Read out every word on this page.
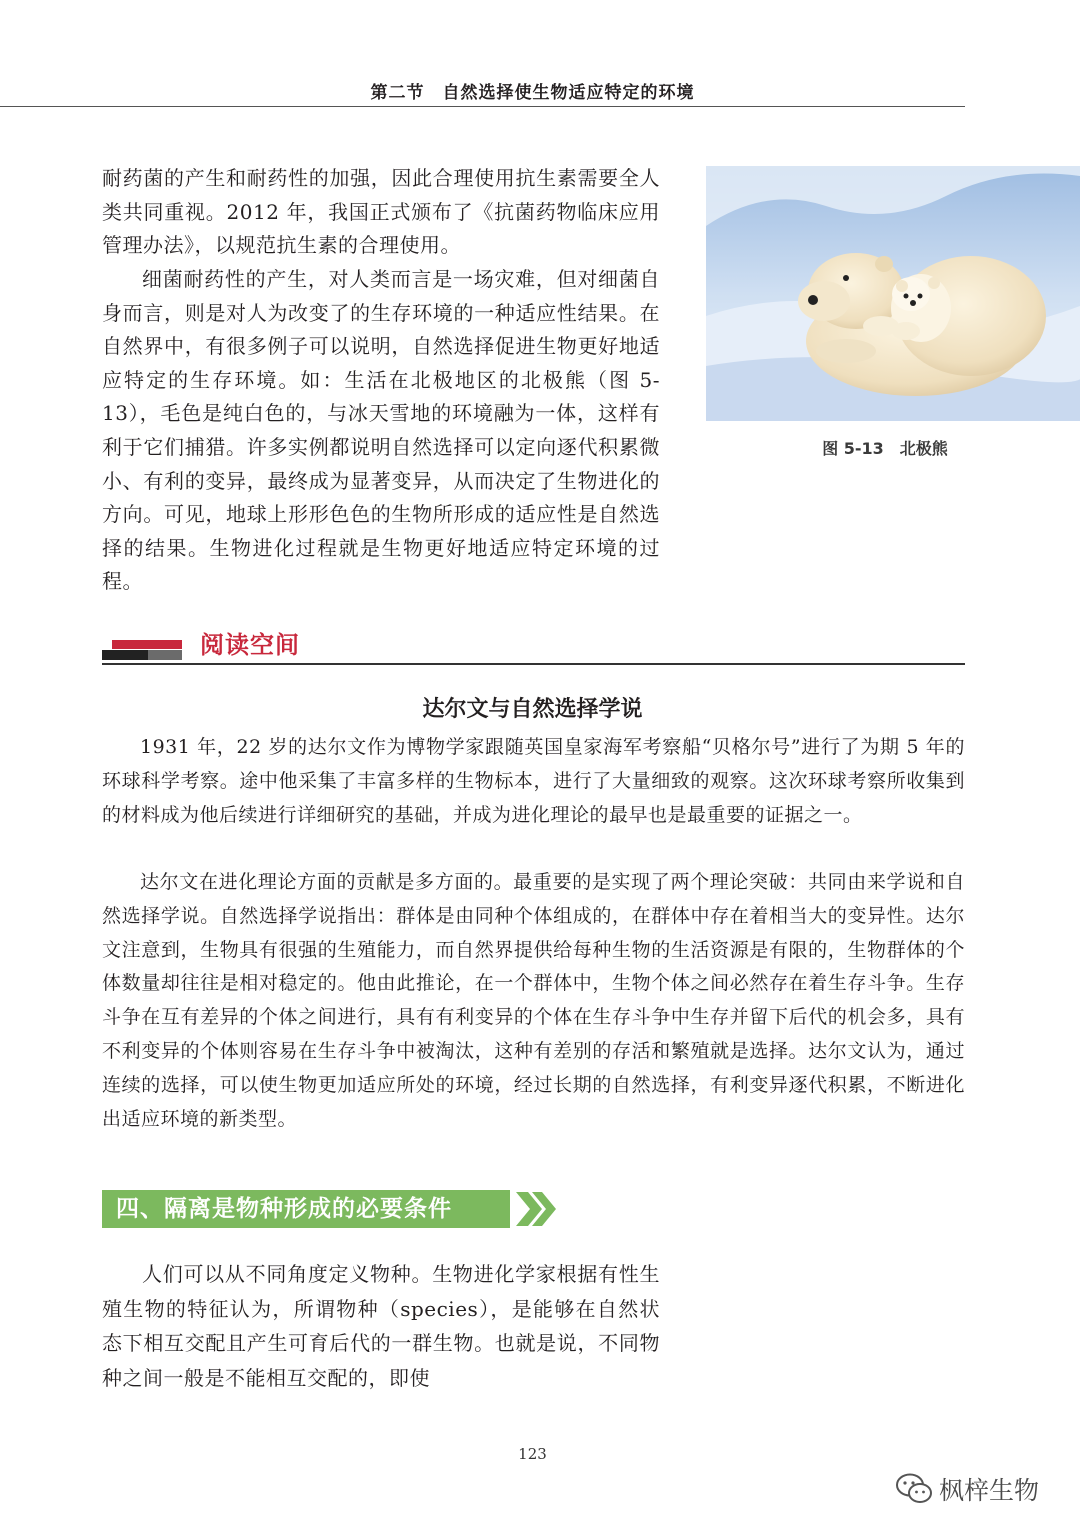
第二节　自然选择使生物适应特定的环境

耐药菌的产生和耐药性的加强，因此合理使用抗生素需要全人类共同重视。2012 年，我国正式颁布了《抗菌药物临床应用管理办法》，以规范抗生素的合理使用。

细菌耐药性的产生，对人类而言是一场灾难，但对细菌自身而言，则是对人为改变了的生存环境的一种适应性结果。在自然界中，有很多例子可以说明，自然选择促进生物更好地适应特定的生存环境。如：生活在北极地区的北极熊（图 5-13），毛色是纯白色的，与冰天雪地的环境融为一体，这样有利于它们捕猎。许多实例都说明自然选择可以定向逐代积累微小、有利的变异，最终成为显著变异，从而决定了生物进化的方向。可见，地球上形形色色的生物所形成的适应性是自然选择的结果。生物进化过程就是生物更好地适应特定环境的过程。

图 5-13　北极熊
阅读空间
达尔文与自然选择学说

1931 年，22 岁的达尔文作为博物学家跟随英国皇家海军考察船“贝格尔号”进行了为期 5 年的环球科学考察。途中他采集了丰富多样的生物标本，进行了大量细致的观察。这次环球考察所收集到的材料成为他后续进行详细研究的基础，并成为进化理论的最早也是最重要的证据之一。

达尔文在进化理论方面的贡献是多方面的。最重要的是实现了两个理论突破：共同由来学说和自然选择学说。自然选择学说指出：群体是由同种个体组成的，在群体中存在着相当大的变异性。达尔文注意到，生物具有很强的生殖能力，而自然界提供给每种生物的生活资源是有限的，生物群体的个体数量却往往是相对稳定的。他由此推论，在一个群体中，生物个体之间必然存在着生存斗争。生存斗争在互有差异的个体之间进行，具有有利变异的个体在生存斗争中生存并留下后代的机会多，具有不利变异的个体则容易在生存斗争中被淘汰，这种有差别的存活和繁殖就是选择。达尔文认为，通过连续的选择，可以使生物更加适应所处的环境，经过长期的自然选择，有利变异逐代积累，不断进化出适应环境的新类型。

四、隔离是物种形成的必要条件

人们可以从不同角度定义物种。生物进化学家根据有性生殖生物的特征认为，所谓物种（species），是能够在自然状态下相互交配且产生可育后代的一群生物。也就是说，不同物种之间一般是不能相互交配的，即使

123
枫梓生物
